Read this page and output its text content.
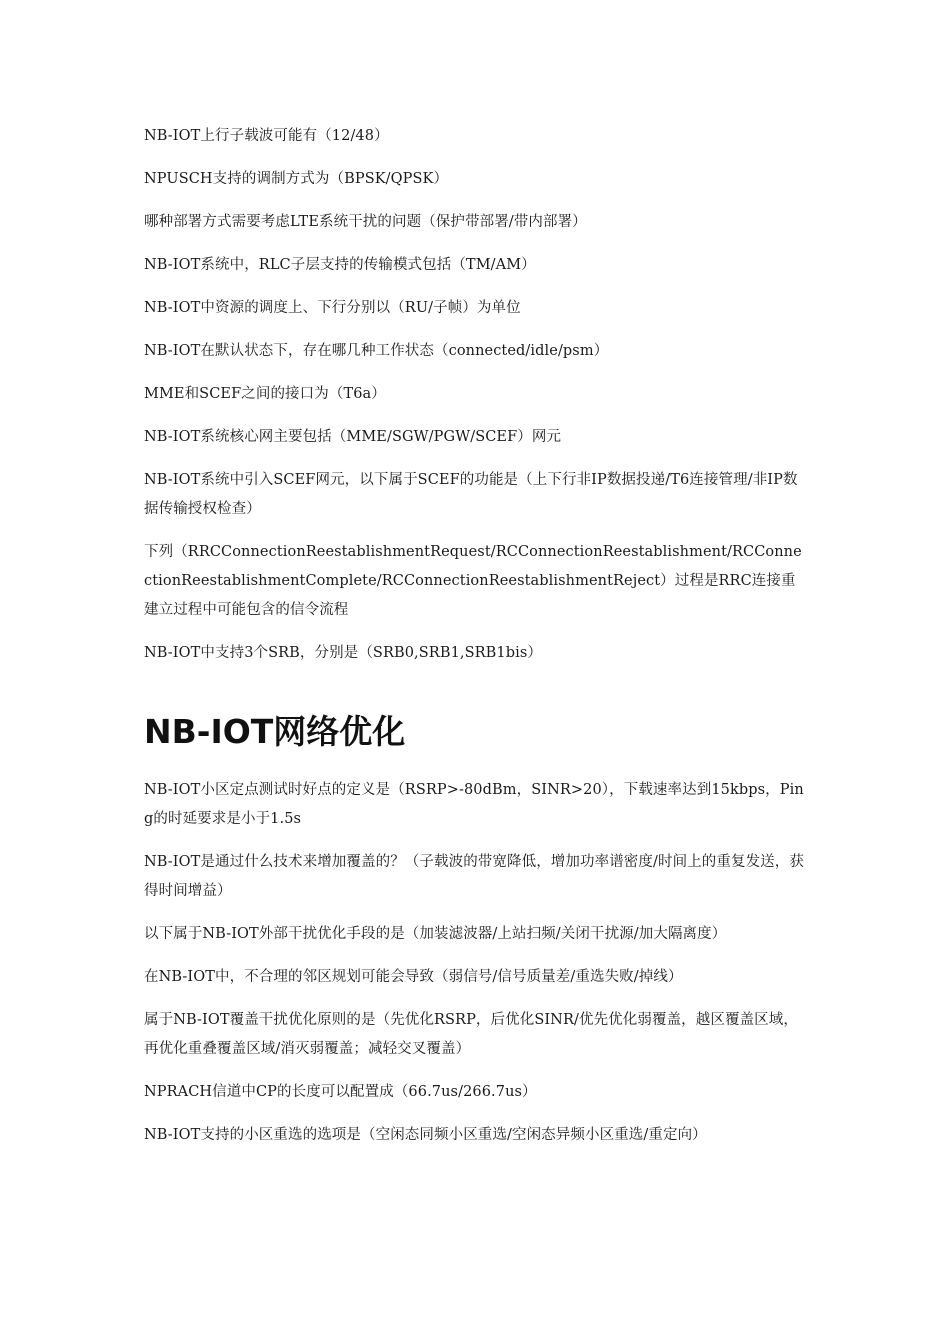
NB-IOT上行子载波可能有（12/48）

NPUSCH支持的调制方式为（BPSK/QPSK）

哪种部署方式需要考虑LTE系统干扰的问题（保护带部署/带内部署）

NB-IOT系统中，RLC子层支持的传输模式包括（TM/AM）

NB-IOT中资源的调度上、下行分别以（RU/子帧）为单位

NB-IOT在默认状态下，存在哪几种工作状态（connected/idle/psm）

MME和SCEF之间的接口为（T6a）

NB-IOT系统核心网主要包括（MME/SGW/PGW/SCEF）网元

NB-IOT系统中引入SCEF网元，以下属于SCEF的功能是（上下行非IP数据投递/T6连接管理/非IP数据传输授权检查）

下列（RRCConnectionReestablishmentRequest/RCConnectionReestablishment/RCConnectionReestablishmentComplete/RCConnectionReestablishmentReject）过程是RRC连接重建立过程中可能包含的信令流程

NB-IOT中支持3个SRB，分别是（SRB0,SRB1,SRB1bis）

NB-IOT网络优化

NB-IOT小区定点测试时好点的定义是（RSRP>-80dBm，SINR>20），下载速率达到15kbps，Ping的时延要求是小于1.5s

NB-IOT是通过什么技术来增加覆盖的？（子载波的带宽降低，增加功率谱密度/时间上的重复发送，获得时间增益）

以下属于NB-IOT外部干扰优化手段的是（加装滤波器/上站扫频/关闭干扰源/加大隔离度）

在NB-IOT中，不合理的邻区规划可能会导致（弱信号/信号质量差/重选失败/掉线）

属于NB-IOT覆盖干扰优化原则的是（先优化RSRP，后优化SINR/优先优化弱覆盖，越区覆盖区域，再优化重叠覆盖区域/消灭弱覆盖；减轻交叉覆盖）

NPRACH信道中CP的长度可以配置成（66.7us/266.7us）

NB-IOT支持的小区重选的选项是（空闲态同频小区重选/空闲态异频小区重选/重定向）
